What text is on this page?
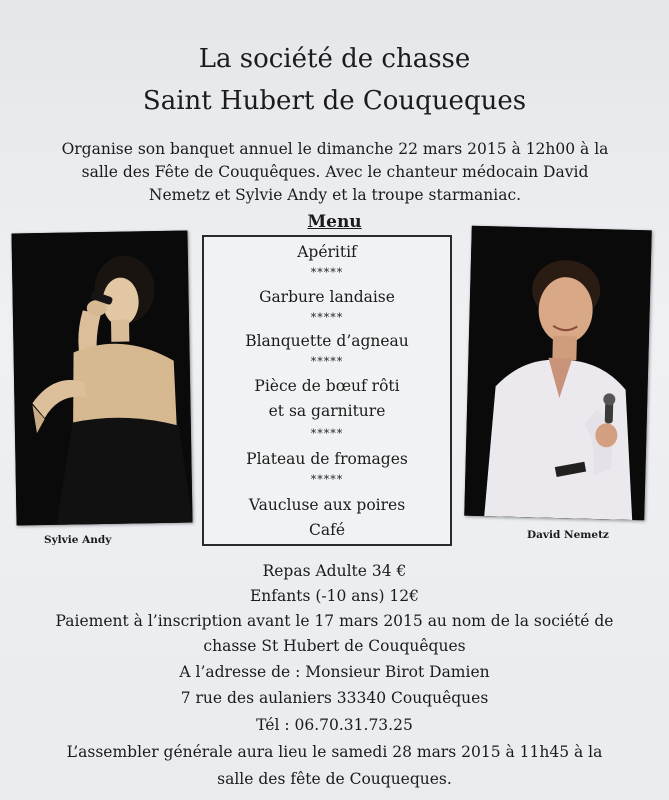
La société de chasse
Saint Hubert de Couqueques
Organise son banquet annuel le dimanche 22 mars 2015 à 12h00 à la
salle des Fête de Couquêques. Avec le chanteur médocain David
Nemetz et Sylvie Andy et la troupe starmaniac.
Menu
Apéritif
*****
Garbure landaise
*****
Blanquette d’agneau
*****
Pièce de bœuf rôti
et sa garniture
*****
Plateau de fromages
*****
Vaucluse aux poires
Café
Sylvie Andy	David Nemetz
Repas Adulte 34 €
Enfants (-10 ans) 12€
Paiement à l’inscription avant le 17 mars 2015 au nom de la société de
chasse St Hubert de Couquêques
A l’adresse de : Monsieur Birot Damien
7 rue des aulaniers 33340 Couquêques
Tél : 06.70.31.73.25
L’assembler générale aura lieu le samedi 28 mars 2015 à 11h45 à la
salle des fête de Couqueques.
